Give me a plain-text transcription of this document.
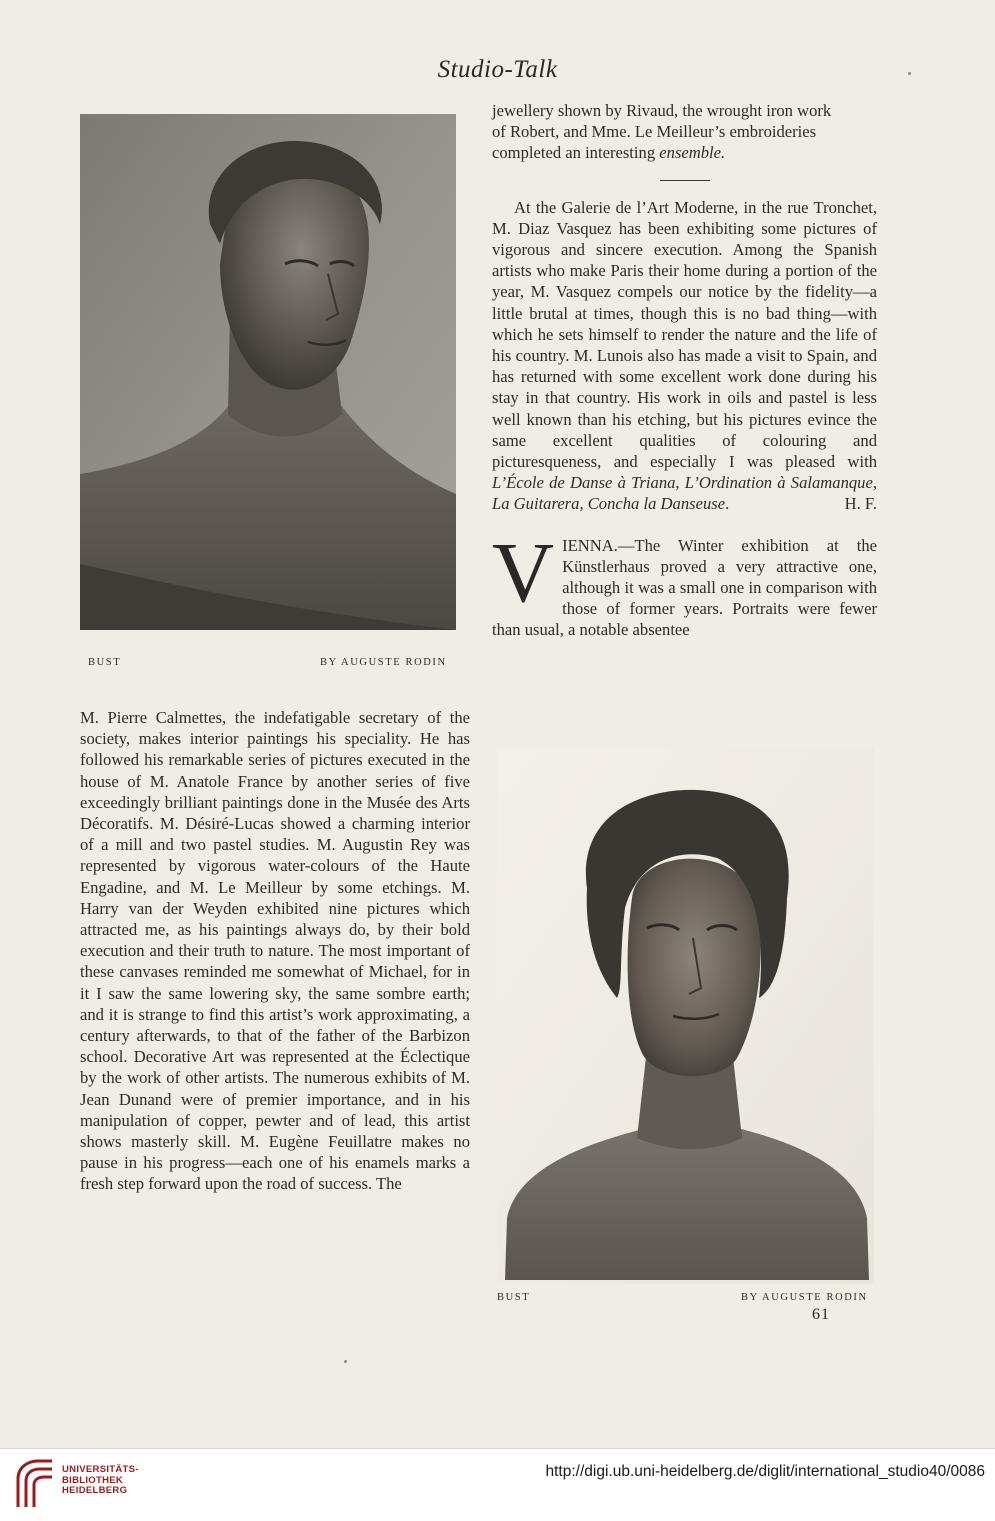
Studio-Talk
BUST	BY AUGUSTE RODIN

jewellery shown by Rivaud, the wrought iron work
of Robert, and Mme. Le Meilleur’s embroideries
completed an interesting ensemble.

At the Galerie de l’Art Moderne, in the rue Tronchet, M. Diaz Vasquez has been exhibiting some pictures of vigorous and sincere execution. Among the Spanish artists who make Paris their home during a portion of the year, M. Vasquez compels our notice by the fidelity—a little brutal at times, though this is no bad thing—with which he sets himself to render the nature and the life of his country. M. Lunois also has made a visit to Spain, and has returned with some excellent work done during his stay in that country. His work in oils and pastel is less well known than his etching, but his pictures evince the same excellent qualities of colouring and picturesqueness, and especially I was pleased with L’École de Danse à Triana, L’Ordination à Salamanque, La Guitarera, Concha la Danseuse.	H. F.

VIENNA.—The Winter exhibition at the Künstlerhaus proved a very attractive one, although it was a small one in comparison with those of former years. Portraits were fewer than usual, a notable absentee

M. Pierre Calmettes, the indefatigable secretary of the society, makes interior paintings his speciality. He has followed his remarkable series of pictures executed in the house of M. Anatole France by another series of five exceedingly brilliant paintings done in the Musée des Arts Décoratifs. M. Désiré-Lucas showed a charming interior of a mill and two pastel studies. M. Augustin Rey was represented by vigorous water-colours of the Haute Engadine, and M. Le Meilleur by some etchings. M. Harry van der Weyden exhibited nine pictures which attracted me, as his paintings always do, by their bold execution and their truth to nature. The most important of these canvases reminded me somewhat of Michael, for in it I saw the same lowering sky, the same sombre earth; and it is strange to find this artist’s work approximating, a century afterwards, to that of the father of the Barbizon school. Decorative Art was represented at the Éclectique by the work of other artists. The numerous exhibits of M. Jean Dunand were of premier importance, and in his manipulation of copper, pewter and of lead, this artist shows masterly skill. M. Eugène Feuillatre makes no pause in his progress—each one of his enamels marks a fresh step forward upon the road of success. The

BUST	BY AUGUSTE RODIN
61
UNIVERSITÄTS-
BIBLIOTHEK
HEIDELBERG
http://digi.ub.uni-heidelberg.de/diglit/international_studio40/0086
